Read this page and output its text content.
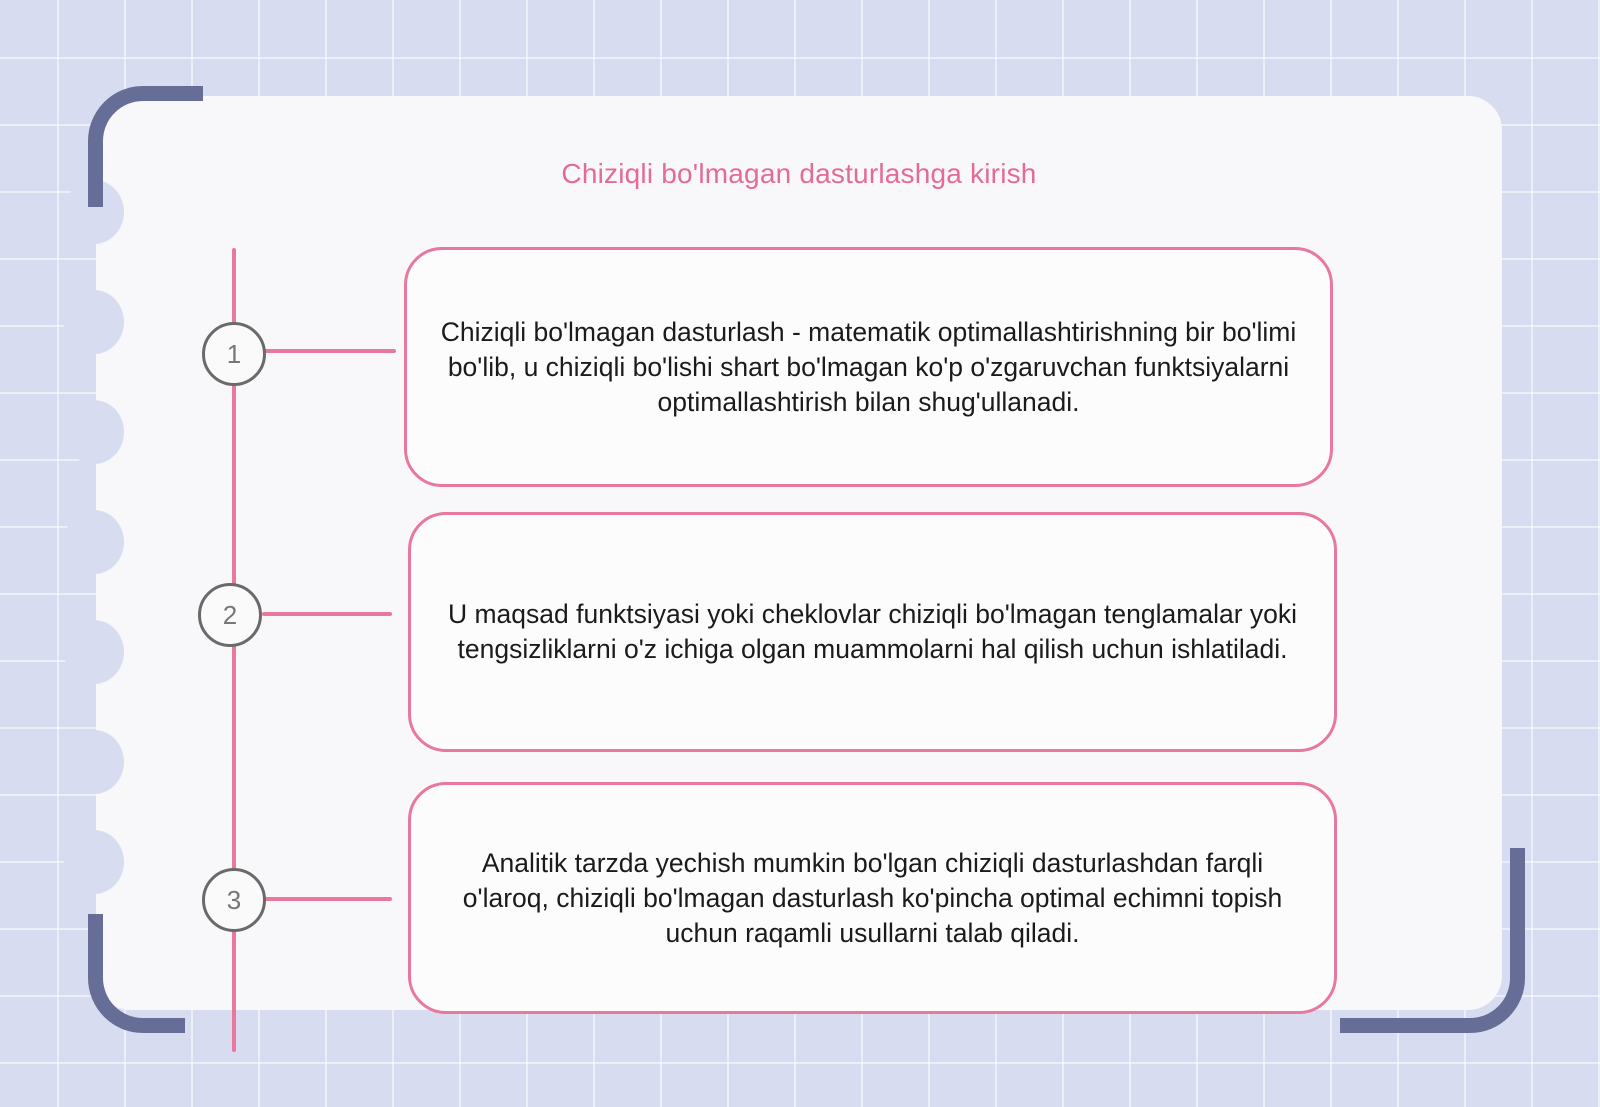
Chiziqli bo'lmagan dasturlashga kirish
1
Chiziqli bo'lmagan dasturlash - matematik optimallashtirishning bir bo'limi bo'lib, u chiziqli bo'lishi shart bo'lmagan ko'p o'zgaruvchan funktsiyalarni optimallashtirish bilan shug'ullanadi.
2	U maqsad funktsiyasi yoki cheklovlar chiziqli bo'lmagan tenglamalar yoki tengsizliklarni o'z ichiga olgan muammolarni hal qilish uchun ishlatiladi.
3
Analitik tarzda yechish mumkin bo'lgan chiziqli dasturlashdan farqli o'laroq, chiziqli bo'lmagan dasturlash ko'pincha optimal echimni topish uchun raqamli usullarni talab qiladi.
